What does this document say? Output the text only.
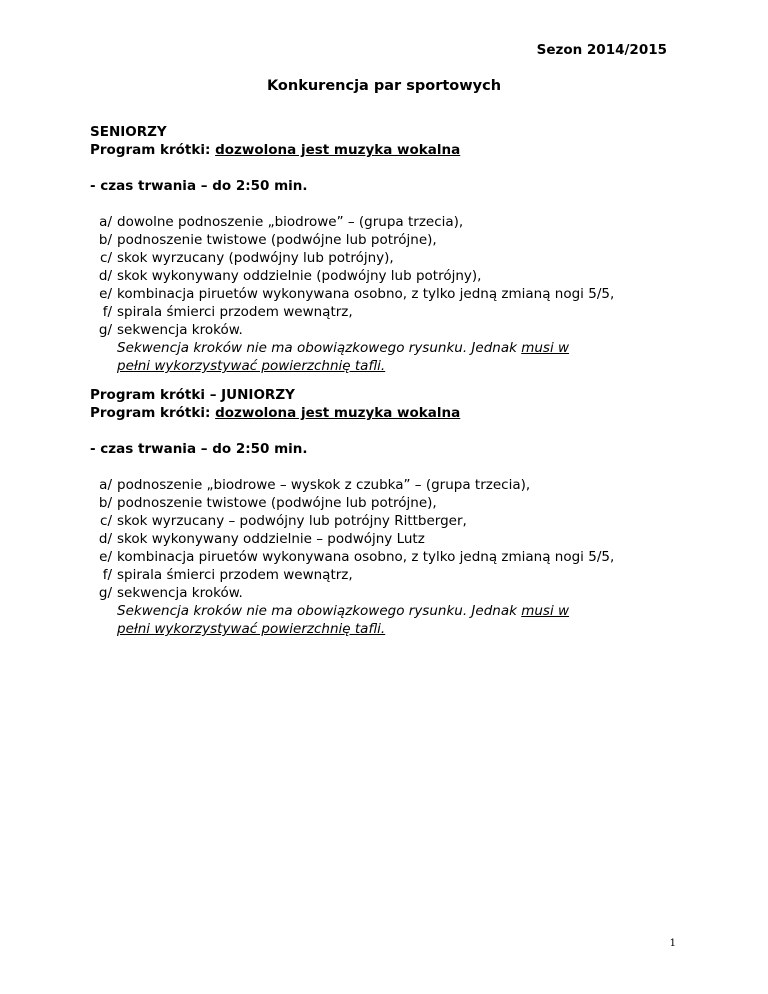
Sezon 2014/2015
Konkurencja par sportowych
SENIORZY
Program krótki: dozwolona jest muzyka wokalna
- czas trwania – do 2:50 min.
a/ dowolne podnoszenie „biodrowe” – (grupa trzecia),
b/ podnoszenie twistowe (podwójne lub potrójne),
c/ skok wyrzucany (podwójny lub potrójny),
d/ skok wykonywany oddzielnie (podwójny lub potrójny),
e/ kombinacja piruetów wykonywana osobno, z tylko jedną zmianą nogi 5/5,
f/ spirala śmierci przodem wewnątrz,
g/ sekwencja kroków.
Sekwencja kroków nie ma obowiązkowego rysunku. Jednak musi w pełni wykorzystywać powierzchnię tafli.
Program krótki – JUNIORZY
Program krótki: dozwolona jest muzyka wokalna
- czas trwania – do 2:50 min.
a/ podnoszenie „biodrowe – wyskok z czubka” – (grupa trzecia),
b/ podnoszenie twistowe (podwójne lub potrójne),
c/ skok wyrzucany – podwójny lub potrójny Rittberger,
d/ skok wykonywany oddzielnie – podwójny Lutz
e/ kombinacja piruetów wykonywana osobno, z tylko jedną zmianą nogi 5/5,
f/ spirala śmierci przodem wewnątrz,
g/ sekwencja kroków.
Sekwencja kroków nie ma obowiązkowego rysunku. Jednak musi w pełni wykorzystywać powierzchnię tafli.
1
